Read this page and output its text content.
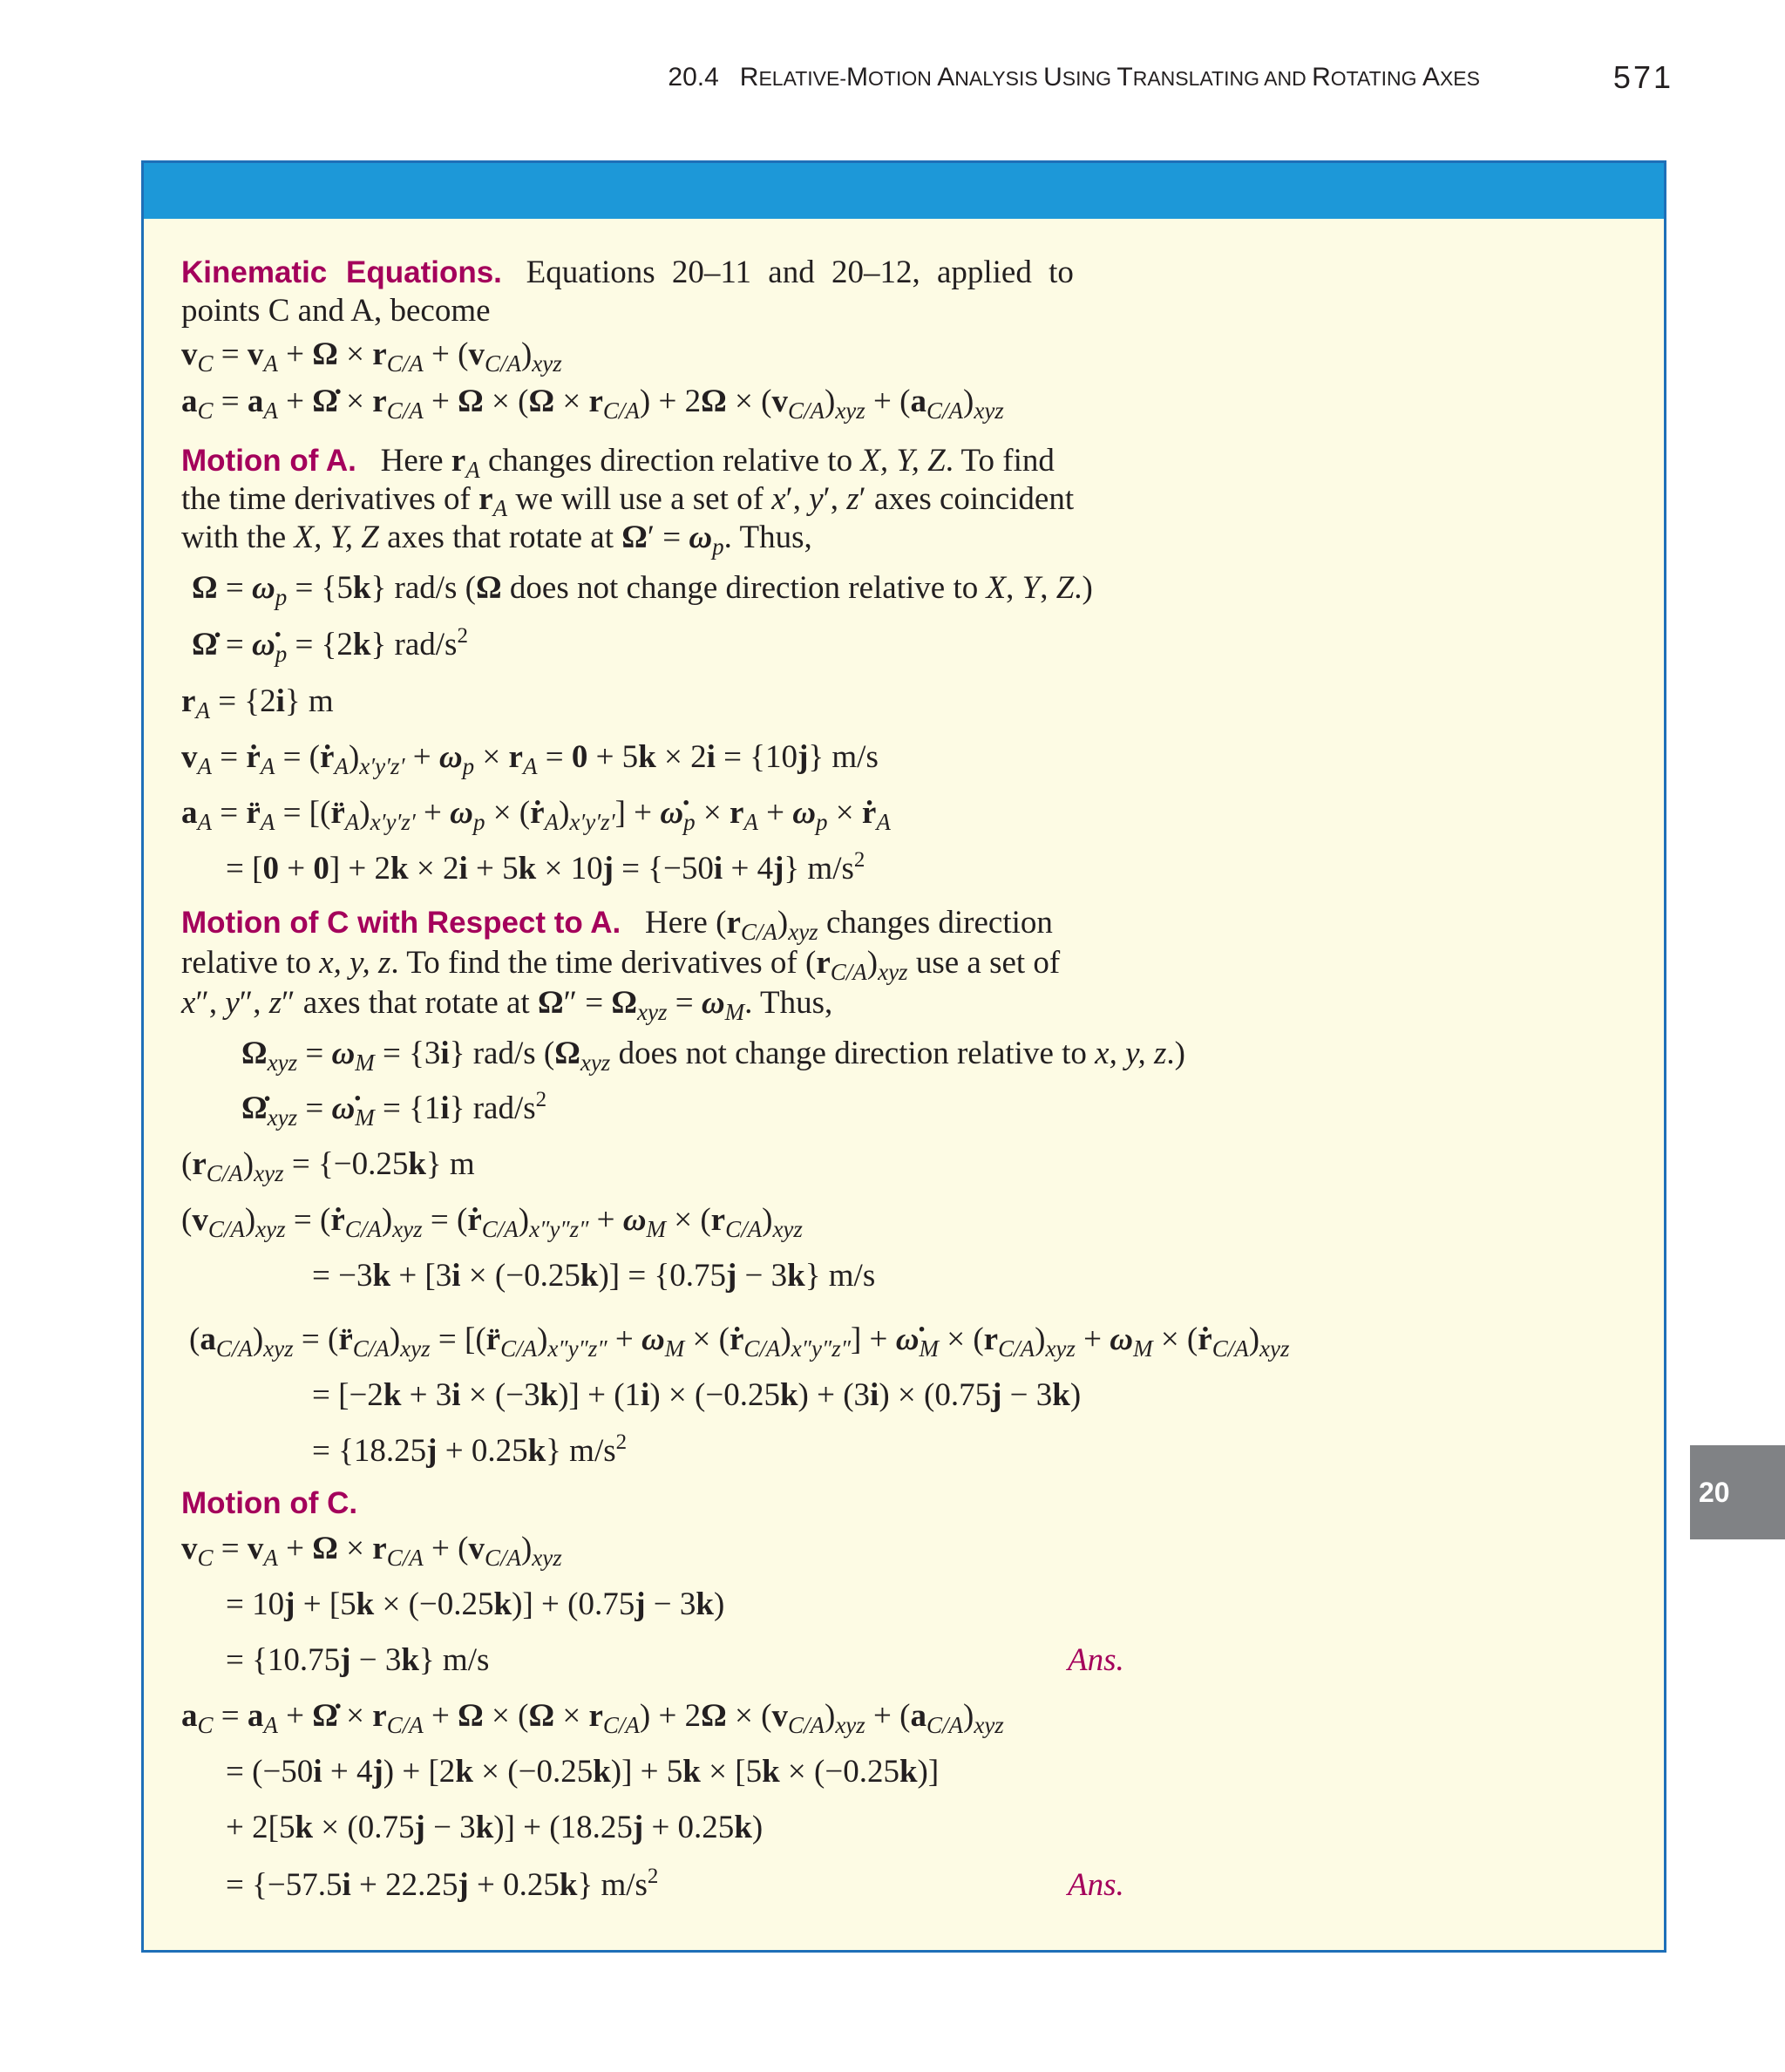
20.4 RELATIVE-MOTION ANALYSIS USING TRANSLATING AND ROTATING AXES	571
20
Kinematic Equations. Equations 20–11 and 20–12, applied to
points C and A, become
$v_C = v_A + \Omega \times r_{C/A} + (v_{C/A})_{xyz}$
$a_C = a_A$ + Ω̇ × $r_{C/A} + \Omega \times (\Omega \times r_{C/A}) + 2\Omega \times (v_{C/A})_{xyz} + (a_{C/A})_{xyz}$
Motion of A.   Here $r_A$ changes direction relative to X, Y, Z. To find
the time derivatives of $r_A$ we will use a set of x′, y′, z′ axes coincident
with the X, Y, Z axes that rotate at $\Omega' = \omega_p$. Thus,
$\Omega = \omega_p = \{5k\}$ rad/s (Ω does not change direction relative to X, Y, Z.)
Ω̇ = $\omegȧ_p = \{2k\}$ rad/$s^2$
$r_A = \{2i\}$ m
$v_A$ = ṙ$_A$ = $(ṙ_A)_{x'y'z'} + \omega_p \times r_A = 0 + 5k \times 2i = \{10j\}$ m/s
$a_A$ = $r̈_A$ = [$(r̈_A)_{x'y'z'} + \omega_p$ × $(ṙ_A)_{x'y'z'}$] + $\omegȧ_p \times r_A + \omega_p$ × ṙ$_A$
= [0 + 0] + 2k × 2i + 5k × 10j = {−50i + 4j} $m/s^2$
Motion of C with Respect to A.   Here $(r_{C/A})_{xyz}$ changes direction
relative to x, y, z. To find the time derivatives of $(r_{C/A})_{xyz}$ use a set of
x″, y″, z″ axes that rotate at $\Omega'' = \Omega_{xyz} = \omega_M$. Thus,
$\Omega_{xyz} = \omega_M = \{3i\}$ rad/s ($\Omega_{xyz}$ does not change direction relative to x, y, z.)
$\Omegȧ_{xyz}$ = $\omegȧ_M = \{1i\}$ rad/$s^2$
$(r_{C/A})_{xyz} = \{-0.25k\}$ m
$(v_{C/A})_{xyz}$ = $(ṙ_{C/A})_{xyz}$ = $(ṙ_{C/A})_{x''y''z''} + \omega_M \times (r_{C/A})_{xyz}$
= −3k + [3i × (−0.25k)] = {0.75j − 3k} m/s
$(a_{C/A})_{xyz}$ = $(r̈_{C/A})_{xyz}$ = [$(r̈_{C/A})_{x''y''z''} + \omega_M$ × $(ṙ_{C/A})_{x''y''z''}$] + $\omegȧ_M \times (r_{C/A})_{xyz} + \omega_M$ × $(ṙ_{C/A})_{xyz}$
= [−2k + 3i × (−3k)] + (1i) × (−0.25k) + (3i) × (0.75j − 3k)
= {18.25j + 0.25k} $m/s^2$
Motion of C.
$v_C = v_A + \Omega \times r_{C/A} + (v_{C/A})_{xyz}$
= 10j + [5k × (−0.25k)] + (0.75j − 3k)
= {10.75j − 3k} m/s	Ans.
$a_C = a_A$ + Ω̇ × $r_{C/A} + \Omega \times (\Omega \times r_{C/A}) + 2\Omega \times (v_{C/A})_{xyz} + (a_{C/A})_{xyz}$
= (−50i + 4j) + [2k × (−0.25k)] + 5k × [5k × (−0.25k)]
+ 2[5k × (0.75j − 3k)] + (18.25j + 0.25k)
= {−57.5i + 22.25j + 0.25k} $m/s^2$	Ans.
